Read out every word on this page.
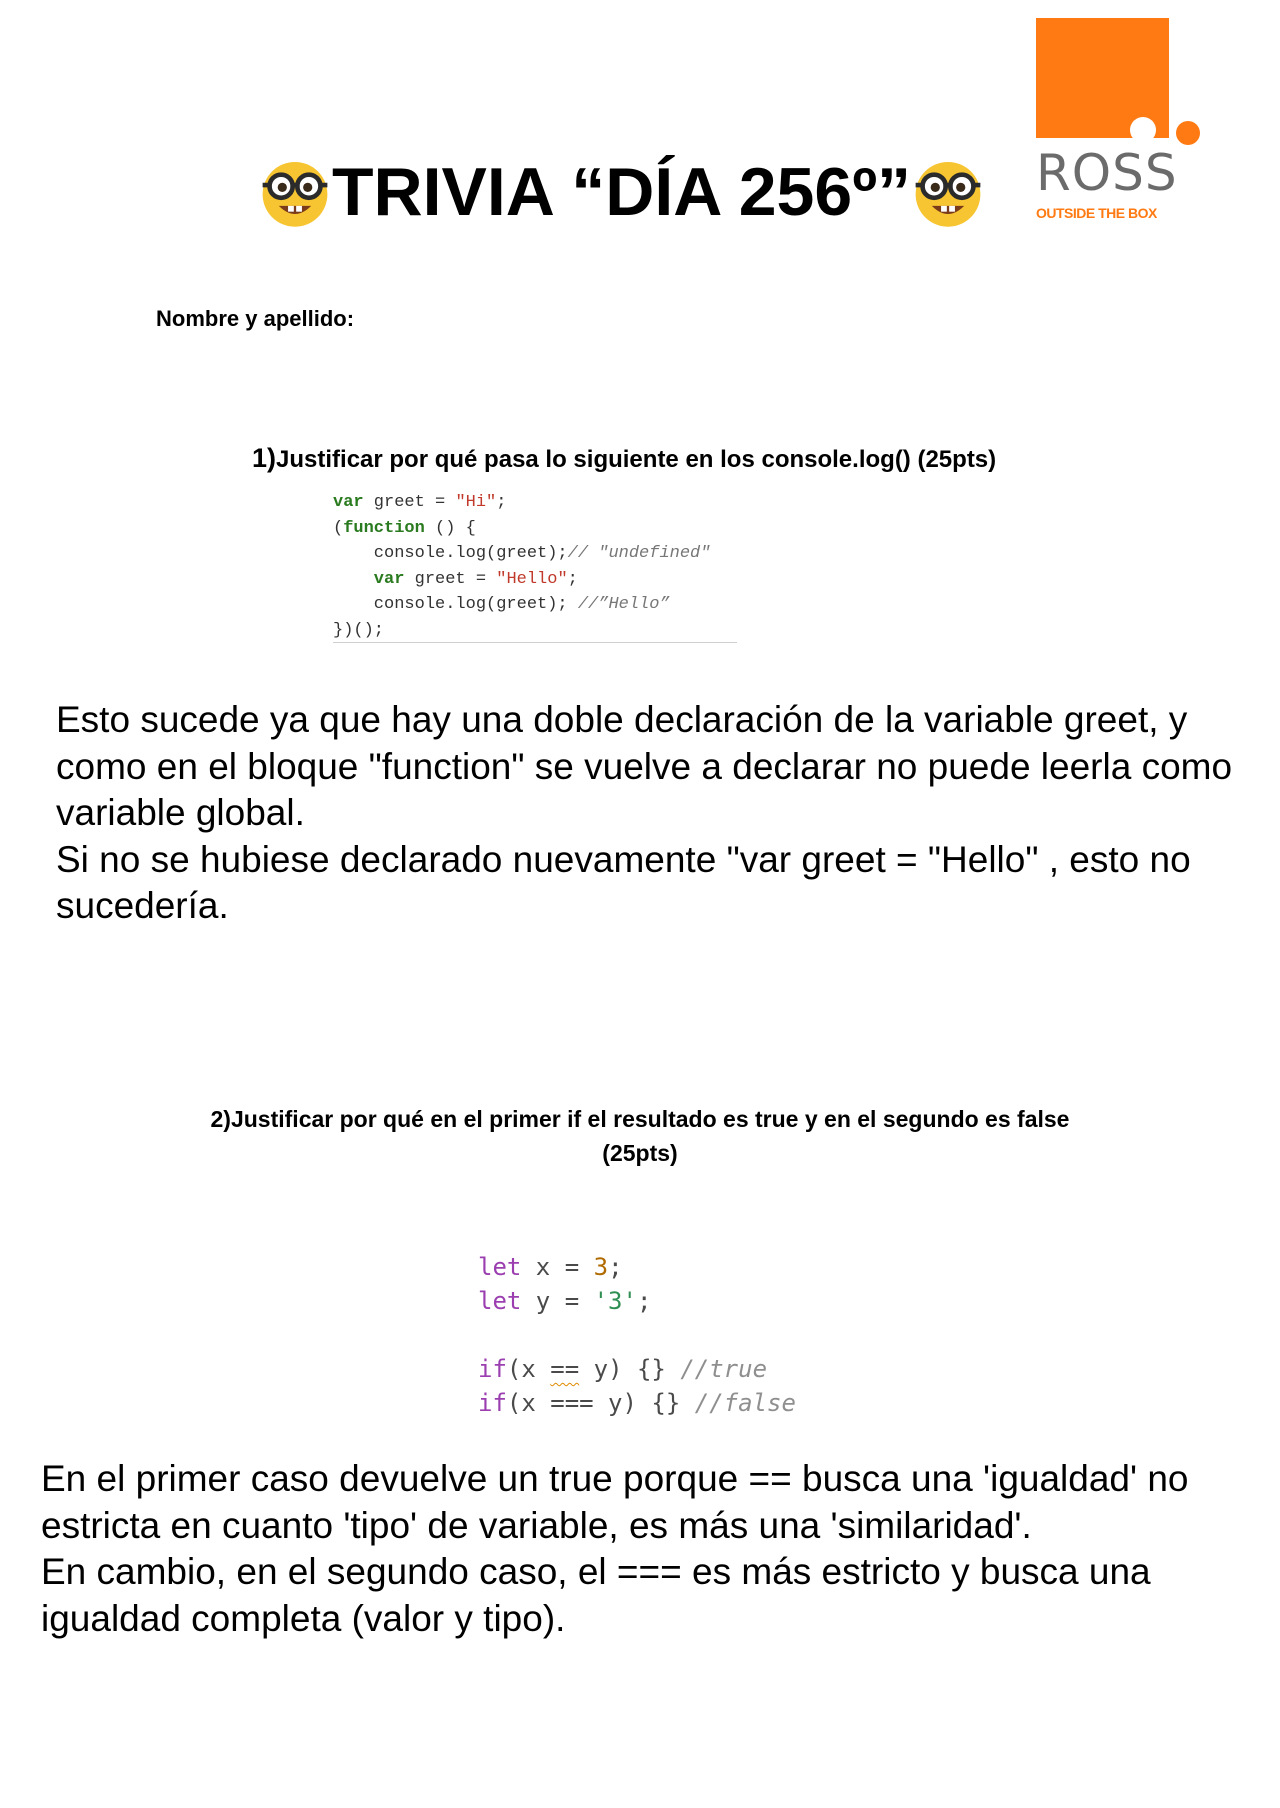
ROSS
OUTSIDE THE BOX
TRIVIA “DÍA 256º”
Nombre y apellido:
1)Justificar por qué pasa lo siguiente en los console.log() (25pts)
var greet = "Hi";
(function () {
console.log(greet);// "undefined"
var greet = "Hello";
console.log(greet); //”Hello”
})();
Esto sucede ya que hay una doble declaración de la variable greet, y como en el bloque "function" se vuelve a declarar no puede leerla como variable global.
Si no se hubiese declarado nuevamente "var greet = "Hello" , esto no sucedería.
2)Justificar por qué en el primer if el resultado es true y en el segundo es false
(25pts)
let x = 3;
let y = '3';

if(x == y) {} //true
if(x === y) {} //false
En el primer caso devuelve un true porque == busca una 'igualdad' no estricta en cuanto 'tipo' de variable, es más una 'similaridad'.
En cambio, en el segundo caso, el === es más estricto y busca una igualdad completa (valor y tipo).
